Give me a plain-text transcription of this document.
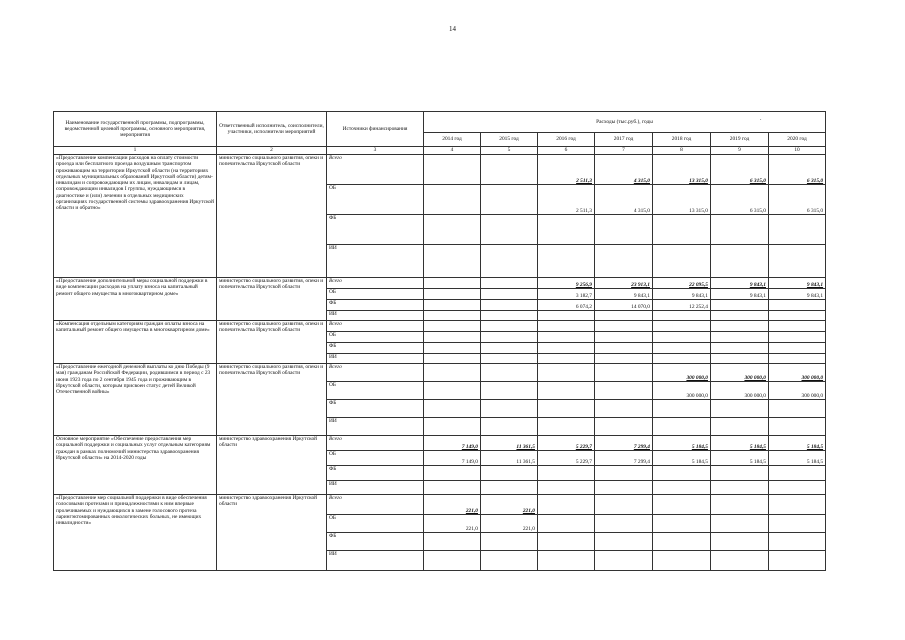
14
.
Наименование государственной программы, подпрограммы, ведомственной целевой программы, основного мероприятия, мероприятия	Ответственный исполнитель, соисполнители, участники, исполнители мероприятий	Источники финансирования	Расходы (тыс.руб.), годы						
			2014 год	2015 год	2016 год	2017 год	2018 год	2019 год	2020 год
1	2	3	4	5	6	7	8	9	10
«Предоставление компенсации расходов на оплату стоимости проезда или бесплатного проезда воздушным транспортом проживающим на территории Иркутской области (на территориях отдельных муниципальных образований Иркутской области) детям-инвалидам и сопровождающим их лицам, инвалидам и лицам, сопровождающим инвалидов I группы, нуждающимся в диагностике и (или) лечении в отдельных медицинских организациях государственной системы здравоохранения Иркутской области и обратно»	министерство социального развития, опеки и попечительства Иркутской области	Всего			2 511,3	4 315,0	13 315,0	6 315,0	6 315,0
		ОБ			2 511,3	4 315,0	13 315,0	6 315,0	6 315,0
		ФБ							
		ИИ							
«Предоставление дополнительной меры социальной поддержки в виде компенсации расходов на уплату взноса на капитальный ремонт общего имущества в многоквартирном доме»	министерство социального развития, опеки и попечительства Иркутской области	Всего			9 256,9	23 913,1	22 095,5	9 843,1	9 843,1
		ОБ			3 182,7	9 843,1	9 843,1	9 843,1	9 843,1
		ФБ			6 074,2	14 070,0	12 252,4		
		ИИ							
«Компенсация отдельным категориям граждан оплаты взноса на капитальный ремонт общего имущества в многоквартирном доме»	министерство социального развития, опеки и попечительства Иркутской области	Всего							
		ОБ							
		ФБ							
		ИИ							
«Предоставление ежегодной денежной выплаты ко дню Победы (9 мая) гражданам Российской Федерации, родившимся в период с 23 июня 1923 года по 2 сентября 1945 года и проживающим в Иркутской области, которым присвоен статус детей Великой Отечественной войны»	министерство социального развития, опеки и попечительства Иркутской области	Всего					300 000,0	300 000,0	300 000,0
		ОБ					300 000,0	300 000,0	300 000,0
		ФБ							
		ИИ							
Основное мероприятие «Обеспечение предоставления мер социальной поддержки и социальных услуг отдельным категориям граждан в рамках полномочий министерства здравоохранения Иркутской области» на 2014-2020 годы	министерство здравоохранения Иркутской области	Всего	7 149,0	11 361,5	5 229,7	7 299,4	5 184,5	5 184,5	5 184,5
		ОБ	7 149,0	11 361,5	5 229,7	7 299,4	5 184,5	5 184,5	5 184,5
		ФБ							
		ИИ							
«Предоставление мер социальной поддержки в виде обеспечения голосовыми протезами и принадлежностями к ним впервые пролечиваемых и нуждающихся в замене голосового протеза ларингэктомированных онкологических больных, не имеющих инвалидности»	министерство здравоохранения Иркутской области	Всего	221,0	221,0					
		ОБ	221,0	221,0					
		ФБ							
		ИИ							
